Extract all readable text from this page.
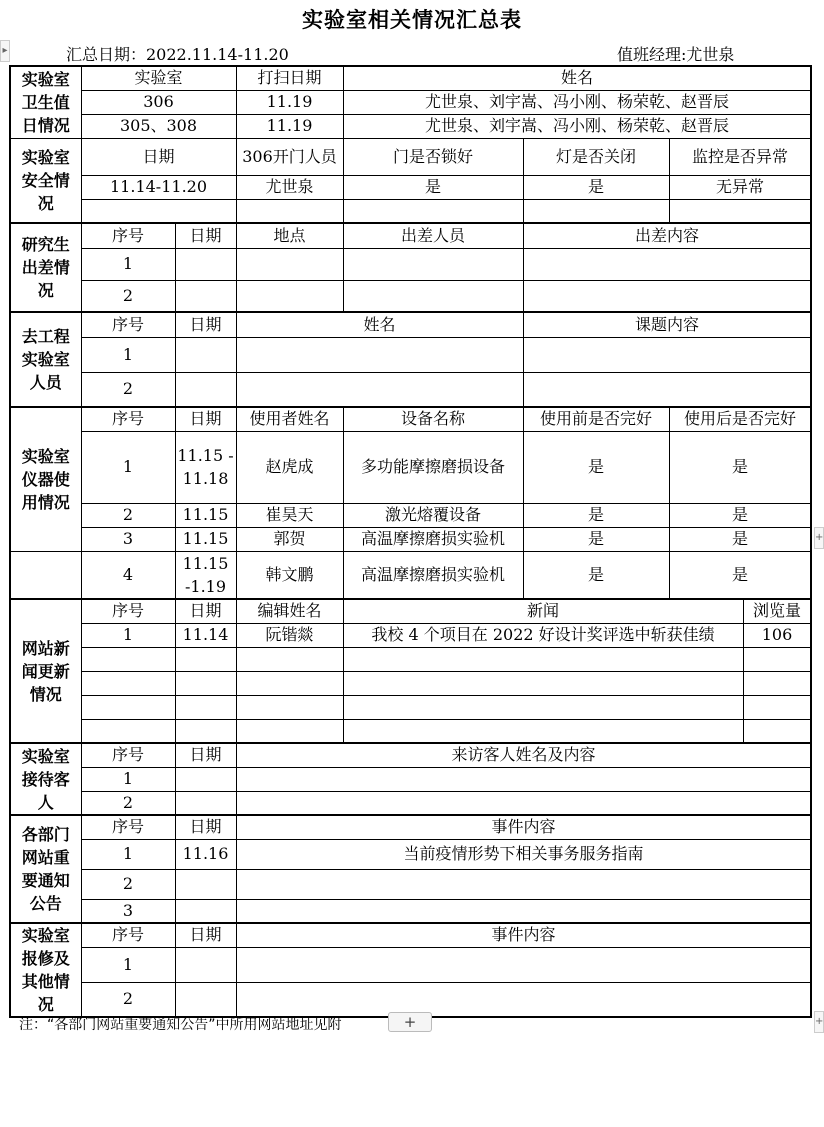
实验室相关情况汇总表
汇总日期：2022.11.14-11.20	值班经理:尤世泉
实验室
卫生值
日情况	实验室		打扫日期	姓名				
	306		11.19	尤世泉、刘宇嵩、冯小刚、杨荣乾、赵晋辰				
	305、308		11.19	尤世泉、刘宇嵩、冯小刚、杨荣乾、赵晋辰				
实验室
安全情
况	日期		306开门人员	门是否锁好	灯是否关闭	监控是否异常	
	11.14-11.20		尤世泉	是	是	无异常		

研究生
出差情
况	序号	日期	地点	出差人员	出差内容			
	1							
	2							
去工程
实验室
人员	序号	日期	姓名		课题内容			
	1							
	2							
实验室
仪器使
用情况	序号	日期	使用者姓名	设备名称	使用前是否完好	使用后是否完好		
	1	11.15 -11.18	赵虎成	多功能摩擦磨损设备	是	是		
	2	11.15	崔昊天	激光熔覆设备	是	是		
	3	11.15	郭贺	高温摩擦磨损实验机	是	是		
	4	11.15 -1.19	韩文鹏	高温摩擦磨损实验机	是	是		
网站新
闻更新
情况	序号	日期	编辑姓名	新闻			浏览量	
	1	11.14	阮锴燚	我校 4 个项目在 2022 好设计奖评选中斩获佳绩			106	

实验室
接待客
人	序号	日期	来访客人姓名及内容					
	1							
	2							
各部门
网站重
要通知
公告	序号	日期	事件内容					
	1	11.16	当前疫情形势下相关事务服务指南					
	2							
	3							
实验室
报修及
其他情
况	序号	日期	事件内容					
	1							
	2							
注：“各部门网站重要通知公告”中所用网站地址见附	+
▸
+
+
